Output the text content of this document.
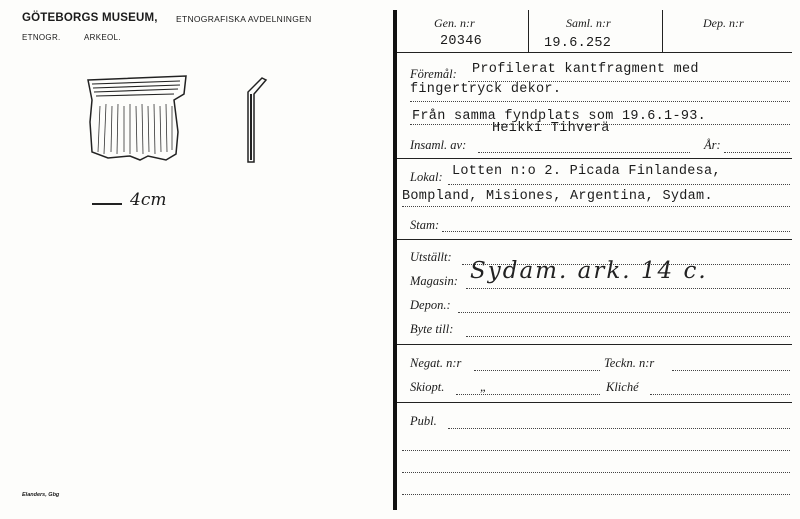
GÖTEBORGS MUSEUM, ETNOGRAFISKA AVDELNINGEN
ETNOGR.	ARKEOL.
4cm
Elanders, Gbg
Gen. n:r	Saml. n:r	Dep. n:r
20346	19.6.252
Föremål: Profilerat kantfragment med
fingertryck dekor.
Från samma fyndplats som 19.6.1-93.
Insaml. av:
Heikki Tihverä
År:
Lokal: Lotten n:o 2. Picada Finlandesa,
Bompland, Misiones, Argentina, Sydam.
Stam:
Utställt:
Magasin: Sydam. ark. 14 c.
Depon.:
Byte till:
Negat. n:r	Teckn. n:r
Skiopt.	„	Kliché
Publ.
